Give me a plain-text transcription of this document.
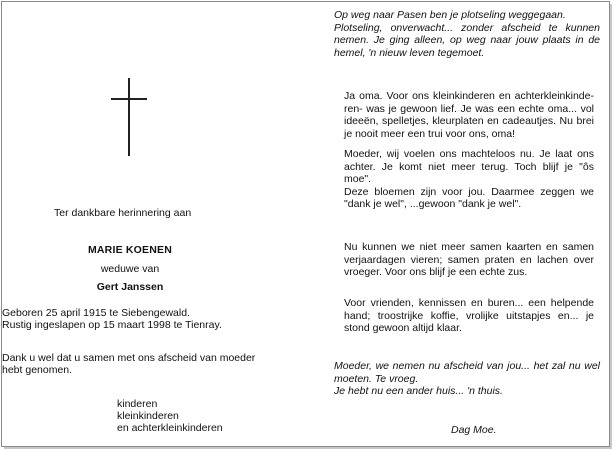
Ter dankbare herinnering aan
MARIE KOENEN
weduwe van
Gert Janssen
Geboren 25 april 1915 te Siebengewald.
Rustig ingeslapen op 15 maart 1998 te Tienray.
Dank u wel dat u samen met ons afscheid van moeder
hebt genomen.
kinderen
kleinkinderen
en achterkleinkinderen
Op weg naar Pasen ben je plotseling weggegaan.
Plotseling, onverwacht... zonder afscheid te kunnen
nemen. Je ging alleen, op weg naar jouw plaats in de
hemel, 'n nieuw leven tegemoet.
Ja oma. Voor ons kleinkinderen en achterkleinkinde-
ren- was je gewoon lief. Je was een echte oma... vol
ideeën, spelletjes, kleurplaten en cadeautjes. Nu brei
je nooit meer een trui voor ons, oma!
Moeder, wij voelen ons machteloos nu. Je laat ons
achter. Je komt niet meer terug. Toch blijf je "ôs
moe".
Deze bloemen zijn voor jou. Daarmee zeggen we
"dank je wel", ...gewoon "dank je wel".
Nu kunnen we niet meer samen kaarten en samen
verjaardagen vieren; samen praten en lachen over
vroeger. Voor ons blijf je een echte zus.
Voor vrienden, kennissen en buren... een helpende
hand; troostrijke koffie, vrolijke uitstapjes en... je
stond gewoon altijd klaar.
Moeder, we nemen nu afscheid van jou... het zal nu wel
moeten. Te vroeg.
Je hebt nu een ander huis... 'n thuis.
Dag Moe.
